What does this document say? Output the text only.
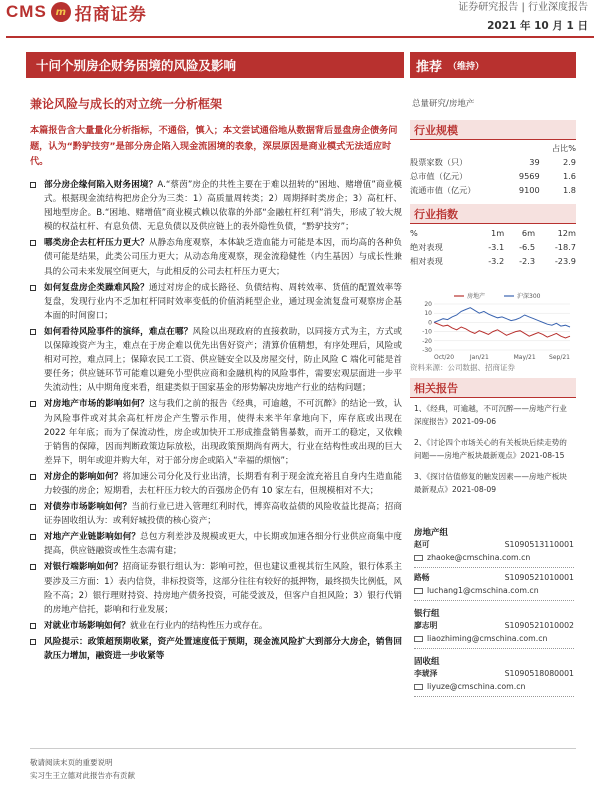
CMS m 招商证券	证券研究报告 | 行业深度报告
2021 年 10 月 1 日
十问个别房企财务困境的风险及影响	推荐 （维持）
兼论风险与成长的对立统一分析框架	总量研究/房地产
本篇报告含大量量化分析指标，不通俗，慎入；本文尝试通俗地从数据背后显盘房企债务问题，认为“黔驴技穷”是部分房企陷入现金流困境的表象，深层原因是商业模式无法适应时代。
部分房企缘何陷入财务困境？A.“蔡茵”房企的共性主要在于难以扭转的“困地、赌增值”商业模式。根据现金流结构把房企分为三类：1）高质量周转类；2）周期择时类房企；3）高杠杆、囤地型房企。B.“困地、赌增值”商业模式赖以依靠的外部“金融杠杆红利”消失，形成了较大规模的权益杠杆、有息负债、无息负债以及供应链上的表外隐性负债，“黔驴技穷”；
哪类房企去杠杆压力更大？从静态角度观察，本体缺乏造血能力可能是本因，而均高的各种负债可能是结果，此类公司压力更大；从动态角度观察，现金流稳健性（内生基因）与成长性兼具的公司未来发展空间更大，与此相反的公司去杠杆压力更大；
如何复盘房企类躁难风险？通过对房企的成长路径、负债结构、周转效率、货值的配置效率等复盘，发现行业内不乏加杠杆同时效率变低的价值消耗型企业，通过现金流复盘可观察房企基本面的时间窗口；
如何看待风险事件的演绎，难点在哪？风险以出现政府的直接救助，以同接方式为主，方式或以保障竣资产为主，难点在于房企难以优先出售好资产；清算价值精想，有序处理后，风险或相对可控，难点同上；保障农民工工资、供应链安全以及房屋交付，防止风险 C 端化可能是首要任务；供应链环节可能难以避免小型供应商和金融机构的风险事件，需要宏观层面进一步平失流动性；从中期角度来看，组建类似于国家基金的形势解决房地产行业的结构问题；
对房地产市场的影响如何？这与我们之前的报告《经典，可逾越，不可沉醉》的结论一致，认为风险事件或对其余高杠杆房企产生警示作用，使得未来半年拿地向下，库存底或出现在 2022 年年底；而为了保流动性，房企或加快开工形成推盘销售暴数，而开工的稳定，又依赖于销售的保障，因而判断政策边际放松，出现政策预期尚有两大，行业在结构性或出现的巨大差异下，明年或迎并购大年，对于部分房企或陷入“幸福的烦恼”；
对房企的影响如何？将加速公司分化及行业出清，长期看有利于现金流充裕且自身内生造血能力较强的房企；短期看，去杠杆压力较大的百强房企仍有 10 家左右，但规模相对不大；
对债券市场影响如何？当前行业已进入管理红利时代，博弈高收益债的风险收益比提高；招商证券固收组认为：或利好城投债的核心资产；
对地产产业链影响如何？总包方利差涉及规模或更大，中长期或加速各细分行业供应商集中度提高，供应链融资或性生态需有建；
对银行端影响如何？招商证券银行组认为：影响可控，但也建议重视其衍生风险，银行体系主要涉及三方面：1）表内信贷，非标投资等，这部分往往有较好的抵押物，最终损失比例低，风险不高；2）银行理财持资、持房地产债务投资，可能受波及，但客户自担风险；3）银行代销的房地产信托，影响和行业发展；
对就业市场影响如何？就业在行业内的结构性压力或存在。
风险提示：政策超预期收紧，资产处置速度低于预期，现金流风险扩大到部分大房企，销售回款压力增加，融资进一步收紧等
行业规模
		占比%
股票家数（只）	39	2.9
总市值（亿元）	9569	1.6
流通市值（亿元）	9100	1.8
行业指数
%	1m	6m	12m
绝对表现	-3.1	-6.5	-18.7
相对表现	-3.2	-2.3	-23.9
20
10
0
-10
-20
-30
Oct/20	Jan/21	May/21 Sep/21
房地产	沪深300
资料来源：公司数据、招商证券
相关报告
1、《经典，可逾越，不可沉醉——房地产行业深度报告》2021-09-06
2、《讨论四个市场关心的有关板块后续走势的问题——房地产板块最新观点》2021-08-15
3、《探讨估值修复的触发因素——房地产板块最新观点》2021-08-09
房地产组
赵可	S1090513110001
zhaoke@cmschina.com.cn
路畅	S1090521010001
luchang1@cmschina.com.cn
银行组
廖志明	S1090521010002
liaozhiming@cmschina.com.cn
固收组
李琥泽	S1090518080001
liyuze@cmschina.com.cn
敬请阅读末页的重要说明
实习生王立德对此报告亦有贡献
